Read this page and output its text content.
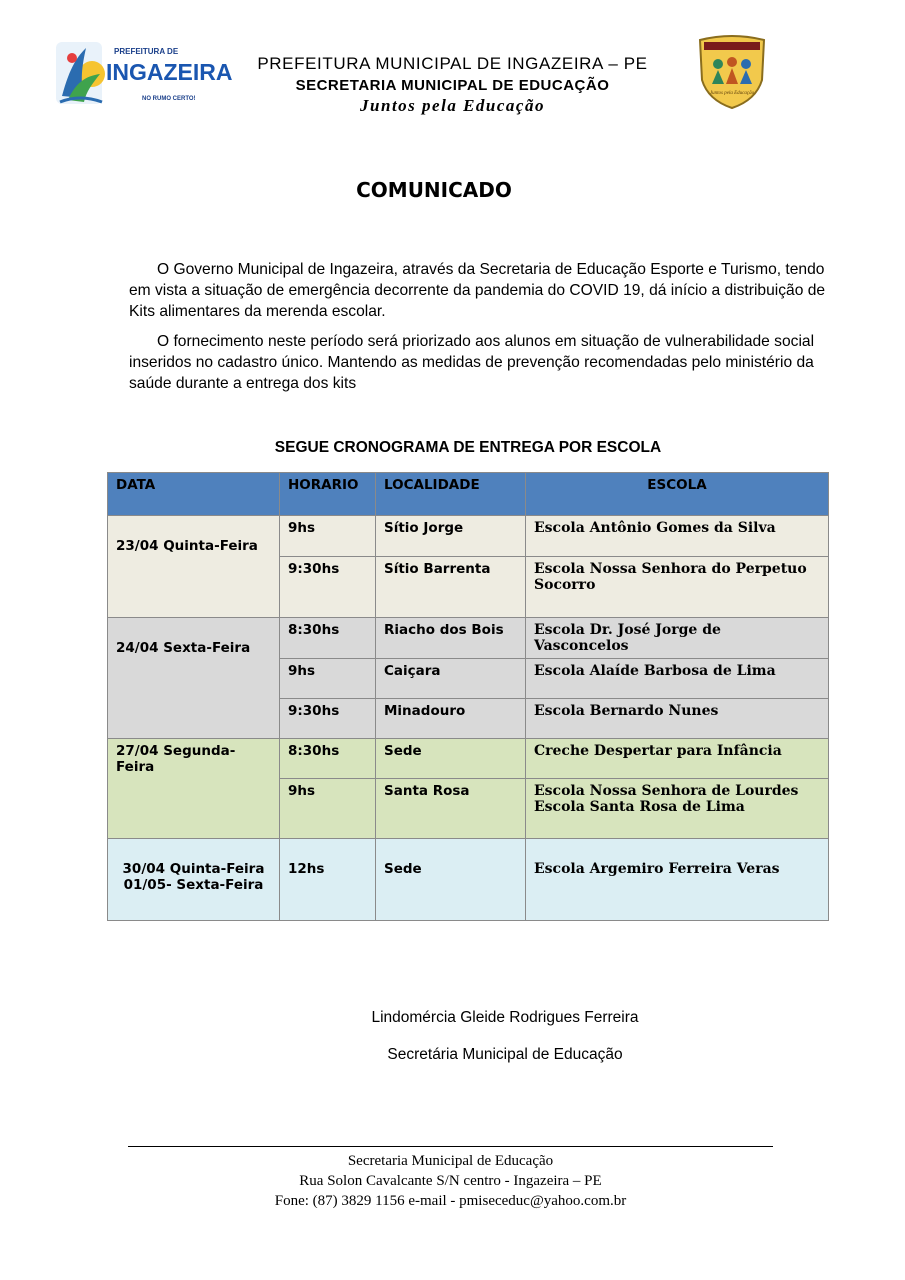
PREFEITURA DE
INGAZEIRA
NO RUMO CERTO!
PREFEITURA MUNICIPAL DE INGAZEIRA – PE
SECRETARIA MUNICIPAL DE EDUCAÇÃO
Juntos pela Educação
Juntos pela Educação
COMUNICADO
O Governo Municipal de Ingazeira, através da Secretaria de Educação Esporte e Turismo, tendo em vista a situação de emergência decorrente da pandemia do COVID 19, dá início a distribuição de Kits alimentares da merenda escolar.
O fornecimento neste período será priorizado aos alunos em situação de vulnerabilidade social inseridos no cadastro único. Mantendo as medidas de prevenção recomendadas pelo ministério da saúde durante a entrega dos kits
SEGUE CRONOGRAMA DE ENTREGA POR ESCOLA
DATA	HORARIO	LOCALIDADE	ESCOLA
23/04 Quinta-Feira	9hs	Sítio Jorge	Escola Antônio Gomes da Silva
	9:30hs	Sítio Barrenta	Escola Nossa Senhora do Perpetuo
Socorro

24/04 Sexta-Feira	8:30hs	Riacho dos Bois	Escola Dr. José Jorge de Vasconcelos
	9hs	Caiçara	Escola Alaíde Barbosa de Lima
	9:30hs	Minadouro	Escola Bernardo Nunes
27/04 Segunda-Feira	8:30hs	Sede	Creche Despertar para Infância
	9hs	Santa Rosa	Escola Nossa Senhora de Lourdes
Escola Santa Rosa de Lima

30/04 Quinta-Feira
01/05- Sexta-Feira	12hs	Sede	Escola Argemiro Ferreira Veras
Lindomércia Gleide Rodrigues Ferreira
Secretária Municipal de Educação
Secretaria Municipal de Educação
Rua Solon Cavalcante S/N centro - Ingazeira – PE
Fone: (87) 3829 1156 e-mail - pmiseceduc@yahoo.com.br
